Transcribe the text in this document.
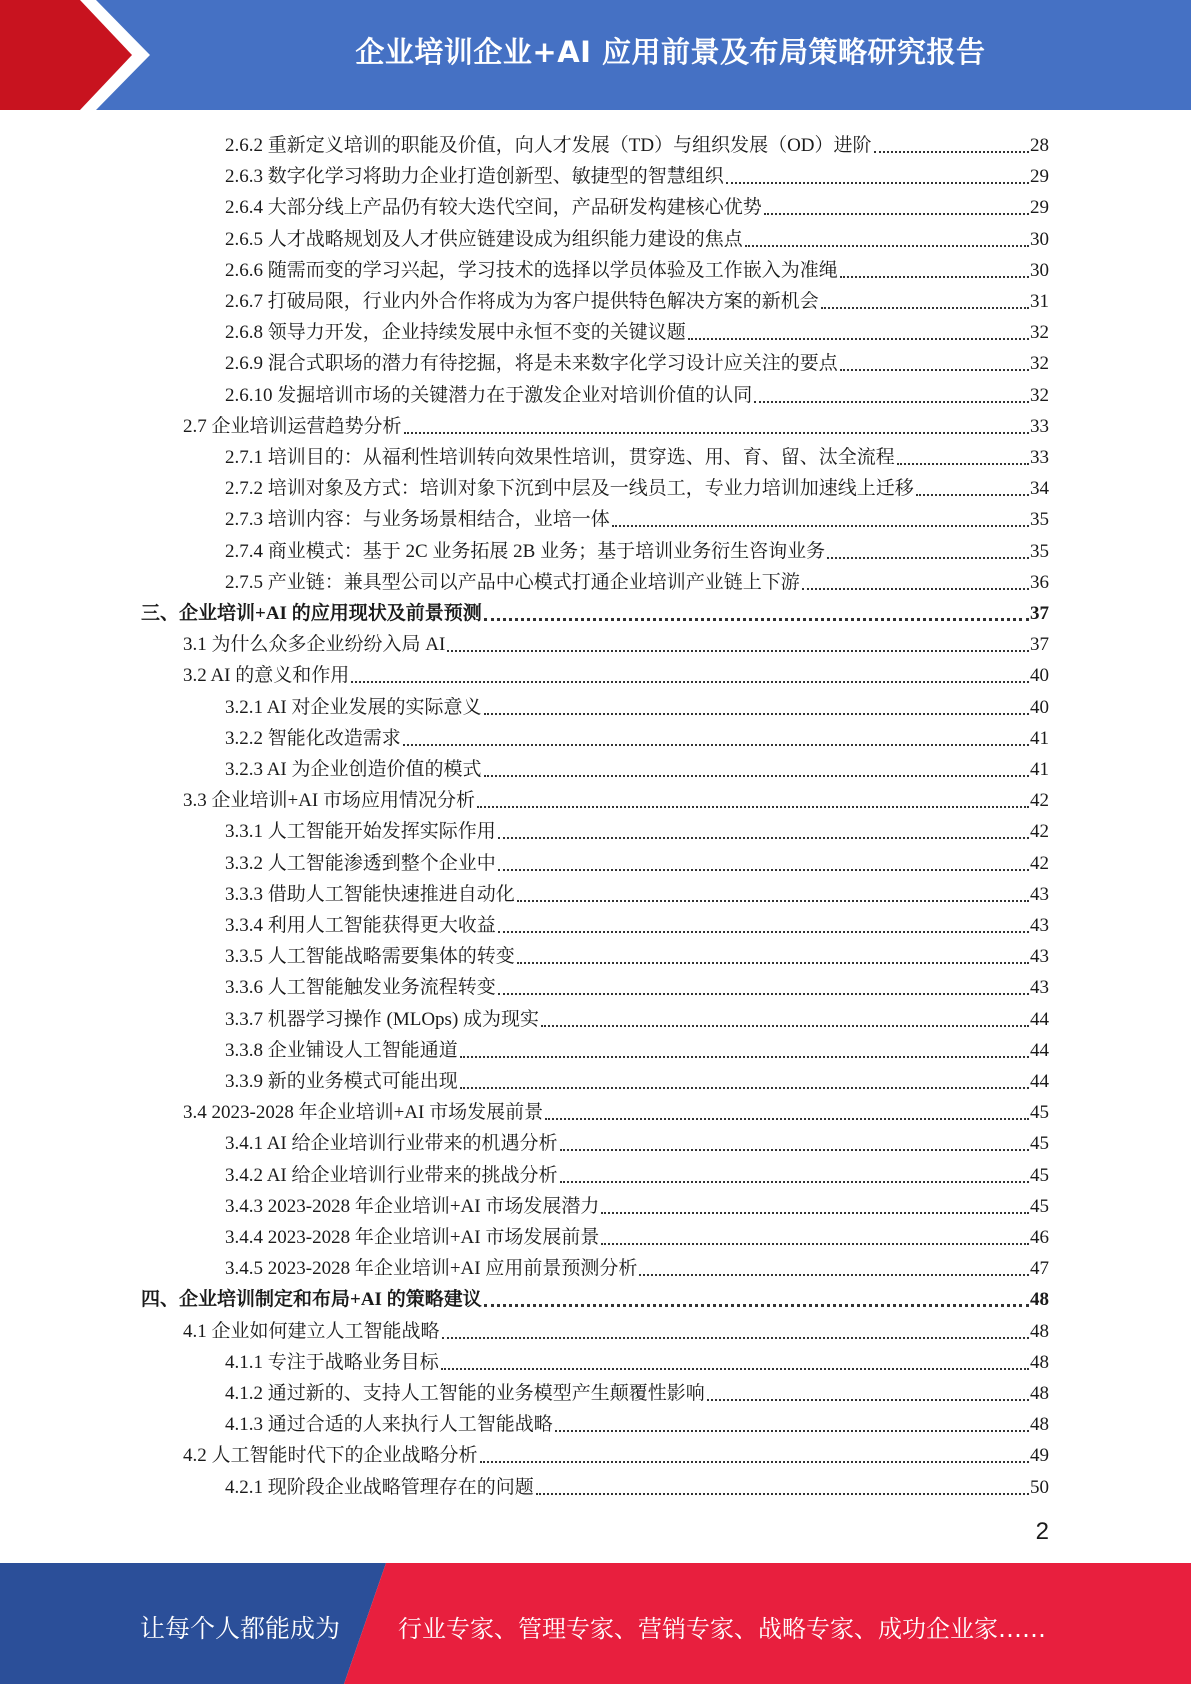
企业培训企业+AI 应用前景及布局策略研究报告
2.6.2 重新定义培训的职能及价值，向人才发展（TD）与组织发展（OD）进阶	28
2.6.3 数字化学习将助力企业打造创新型、敏捷型的智慧组织	29
2.6.4 大部分线上产品仍有较大迭代空间，产品研发构建核心优势	29
2.6.5 人才战略规划及人才供应链建设成为组织能力建设的焦点	30
2.6.6 随需而变的学习兴起，学习技术的选择以学员体验及工作嵌入为准绳	30
2.6.7 打破局限，行业内外合作将成为为客户提供特色解决方案的新机会	31
2.6.8 领导力开发，企业持续发展中永恒不变的关键议题	32
2.6.9 混合式职场的潜力有待挖掘，将是未来数字化学习设计应关注的要点	32
2.6.10 发掘培训市场的关键潜力在于激发企业对培训价值的认同	32
2.7 企业培训运营趋势分析	33
2.7.1 培训目的：从福利性培训转向效果性培训，贯穿选、用、育、留、汰全流程	33
2.7.2 培训对象及方式：培训对象下沉到中层及一线员工，专业力培训加速线上迁移	34
2.7.3 培训内容：与业务场景相结合，业培一体	35
2.7.4 商业模式：基于 2C 业务拓展 2B 业务；基于培训业务衍生咨询业务	35
2.7.5 产业链：兼具型公司以产品中心模式打通企业培训产业链上下游	36
三、企业培训+AI 的应用现状及前景预测	37
3.1 为什么众多企业纷纷入局 AI	37
3.2 AI 的意义和作用	40
3.2.1 AI 对企业发展的实际意义	40
3.2.2 智能化改造需求	41
3.2.3 AI 为企业创造价值的模式	41
3.3 企业培训+AI 市场应用情况分析	42
3.3.1 人工智能开始发挥实际作用	42
3.3.2 人工智能渗透到整个企业中	42
3.3.3 借助人工智能快速推进自动化	43
3.3.4 利用人工智能获得更大收益	43
3.3.5 人工智能战略需要集体的转变	43
3.3.6 人工智能触发业务流程转变	43
3.3.7 机器学习操作 (MLOps) 成为现实	44
3.3.8 企业铺设人工智能通道	44
3.3.9 新的业务模式可能出现	44
3.4 2023-2028 年企业培训+AI 市场发展前景	45
3.4.1 AI 给企业培训行业带来的机遇分析	45
3.4.2 AI 给企业培训行业带来的挑战分析	45
3.4.3 2023-2028 年企业培训+AI 市场发展潜力	45
3.4.4 2023-2028 年企业培训+AI 市场发展前景	46
3.4.5 2023-2028 年企业培训+AI 应用前景预测分析	47
四、企业培训制定和布局+AI 的策略建议	48
4.1 企业如何建立人工智能战略	48
4.1.1 专注于战略业务目标	48
4.1.2 通过新的、支持人工智能的业务模型产生颠覆性影响	48
4.1.3 通过合适的人来执行人工智能战略	48
4.2 人工智能时代下的企业战略分析	49
4.2.1 现阶段企业战略管理存在的问题	50
2
让每个人都能成为 行业专家、管理专家、营销专家、战略专家、成功企业家……
